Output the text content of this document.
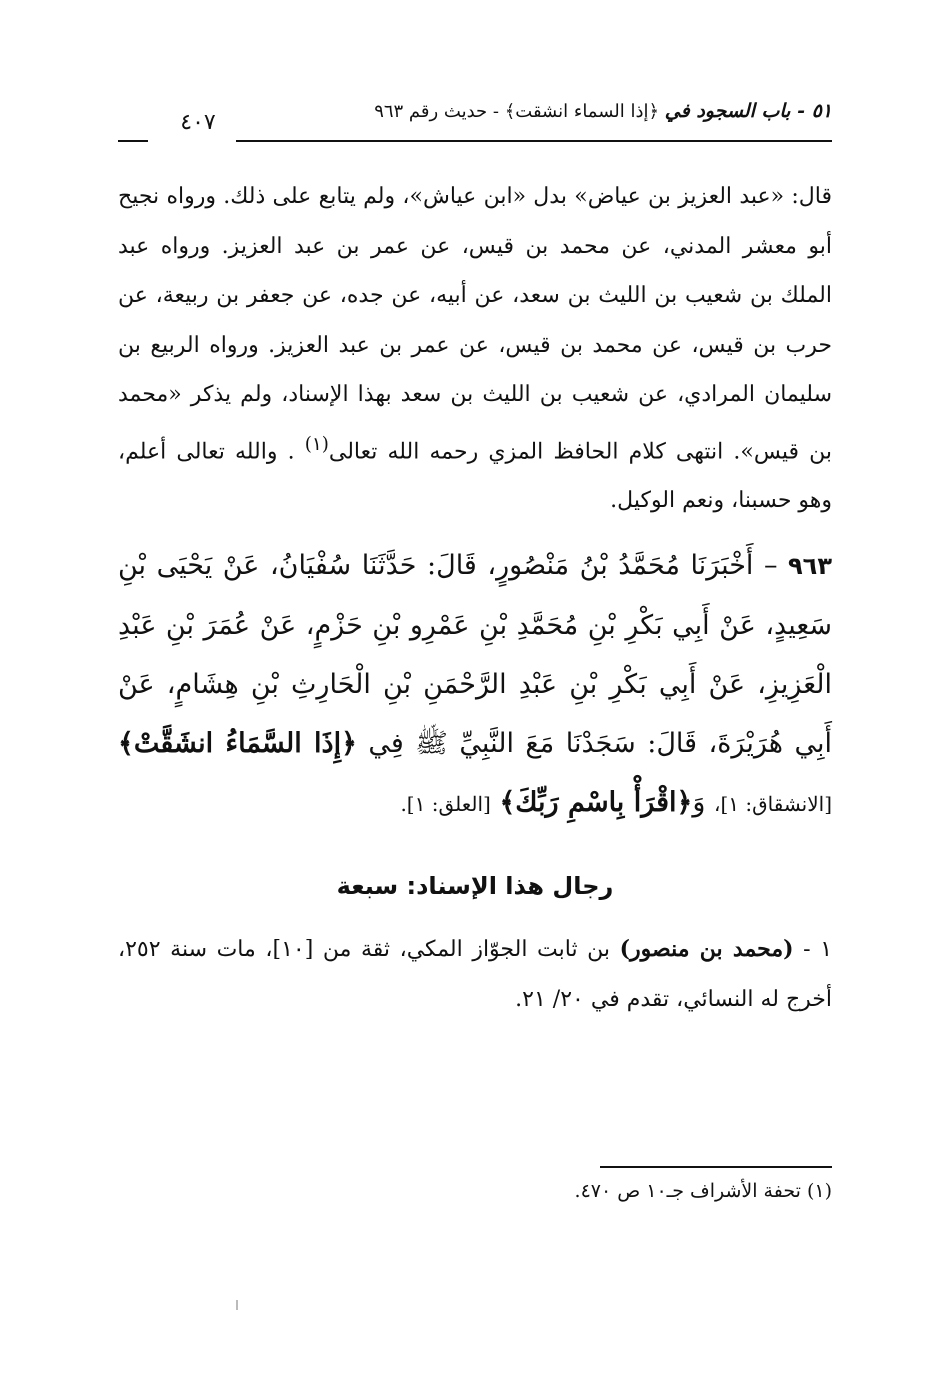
٥١ - باب السجود في ﴿إذا السماء انشقت﴾ - حديث رقم ٩٦٣
٤٠٧

قال: «عبد العزيز بن عياض» بدل «ابن عياش»، ولم يتابع على ذلك. ورواه نجيح أبو معشر المدني، عن محمد بن قيس، عن عمر بن عبد العزيز. ورواه عبد الملك بن شعيب بن الليث بن سعد، عن أبيه، عن جده، عن جعفر بن ربيعة، عن حرب بن قيس، عن محمد بن قيس، عن عمر بن عبد العزيز. ورواه الربيع بن سليمان المرادي، عن شعيب بن الليث بن سعد بهذا الإسناد، ولم يذكر «محمد بن قيس». انتهى كلام الحافظ المزي رحمه الله تعالى$^{(١)}$ . والله تعالى أعلم، وهو حسبنا، ونعم الوكيل.

٩٦٣ – أَخْبَرَنَا مُحَمَّدُ بْنُ مَنْصُورٍ، قَالَ: حَدَّثَنَا سُفْيَانُ، عَنْ يَحْيَى بْنِ سَعِيدٍ، عَنْ أَبِي بَكْرِ بْنِ مُحَمَّدِ بْنِ عَمْرِو بْنِ حَزْمٍ، عَنْ عُمَرَ بْنِ عَبْدِ الْعَزِيزِ، عَنْ أَبِي بَكْرِ بْنِ عَبْدِ الرَّحْمَنِ بْنِ الْحَارِثِ بْنِ هِشَامٍ، عَنْ أَبِي هُرَيْرَةَ، قَالَ: سَجَدْنَا مَعَ النَّبِيِّ ﷺ فِي ﴿إِذَا السَّمَاءُ انشَقَّتْ﴾ [الانشقاق: ١]، وَ﴿اقْرَأْ بِاسْمِ رَبِّكَ﴾ [العلق: ١].

رجال هذا الإسناد: سبعة

١ - (محمد بن منصور) بن ثابت الجوّاز المكي، ثقة من [١٠]، مات سنة ٢٥٢، أخرج له النسائي، تقدم في ٢٠/ ٢١.

(١) تحفة الأشراف جـ١٠ ص ٤٧٠.
